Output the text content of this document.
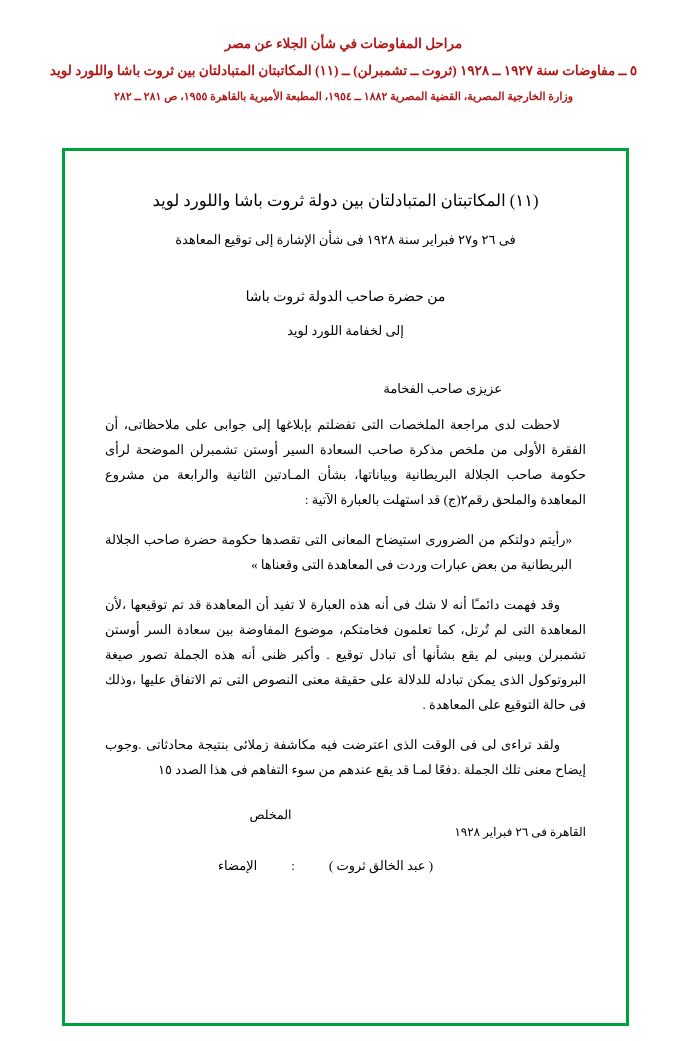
مراحل المفاوضات في شأن الجلاء عن مصر
٥ ــ مفاوضات سنة ١٩٢٧ ــ ١٩٢٨ (ثروت ــ تشمبرلن) ــ (١١) المكاتبتان المتبادلتان بين ثروت باشا واللورد لويد
وزارة الخارجية المصرية، القضية المصرية ١٨٨٢ ــ ١٩٥٤، المطبعة الأميرية بالقاهرة ١٩٥٥، ص ٢٨١ ــ ٢٨٢
(١١) المكاتبتان المتبادلتان بين دولة ثروت باشا واللورد لويد
فى ٢٦ و٢٧ فبراير سنة ١٩٢٨ فى شأن الإشارة إلى توقيع المعاهدة
من حضرة صاحب الدولة ثروت باشا
إلى لخفامة اللورد لويد
عزيزى صاحب الفخامة

لاحظت لدى مراجعة الملخصات التى تفضلتم بإبلاغها إلى جوابى على ملاحظاتى، أن الفقرة الأولى من ملخص مذكرة صاحب السعادة السير أوستن تشمبرلن الموضحة لرأى حكومة صاحب الجلالة البريطانية وبياناتها، بشأن المـادتين الثانية والرابعة من مشروع المعاهدة والملحق رقم٢(ج) قد استهلت بالعبارة الآتية :

«رأيتم دولتكم من الضرورى استيضاح المعانى التى تقصدها حكومة حضرة صاحب الجلالة البريطانية من بعض عبارات وردت فى المعاهدة التى وقعناها »

وقد فهمت دائمـًا أنه لا شك فى أنه هذه العبارة لا تفيد أن المعاهدة قد تم توقيعها ،لأن المعاهدة التى لم تُرتل، كما تعلمون فخامتكم، موضوع المفاوضة بين سعادة السر أوستن تشمبرلن وبينى لم يقع بشأنها أى تبادل توقيع . وأكبر ظنى أنه هذه الجملة تصور صيغة البروتوكول الذى يمكن تبادله للدلالة على حقيقة معنى النصوص التى تم الاتفاق عليها ،وذلك فى حالة التوقيع على المعاهدة .

ولقد تراءى لى فى الوقت الذى اعترضت فيه مكاشفة زملائى بنتيجة محادثاتى .وجوب إيضاح معنى تلك الجملة .دفعًا لمـا قد يقع عندهم من سوء التفاهم فى هذا الصدد ١٥

المخلص
القاهرة فى ٢٦ فبراير ١٩٢٨
( عبد الخالق ثروت )
:
الإمضاء
